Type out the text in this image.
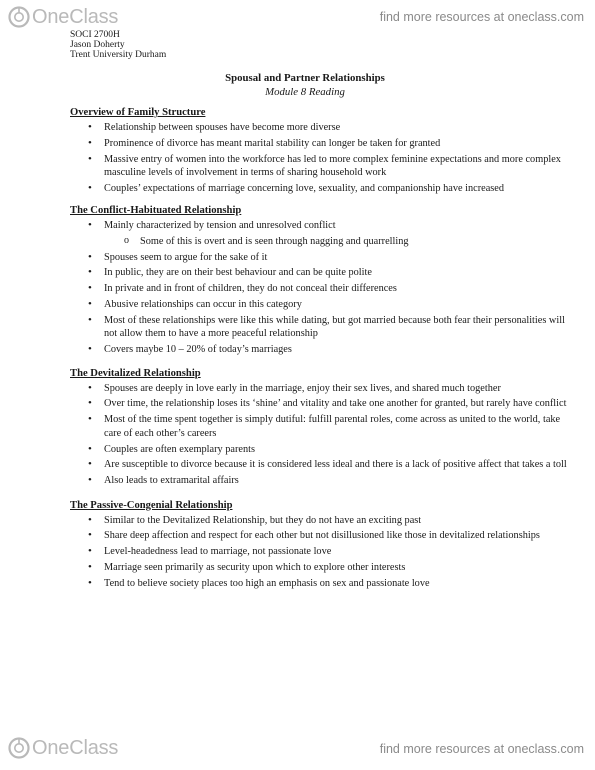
OneClass	find more resources at oneclass.com
SOCI 2700H
Jason Doherty
Trent University Durham
Spousal and Partner Relationships
Module 8 Reading
Overview of Family Structure
• Relationship between spouses have become more diverse
• Prominence of divorce has meant marital stability can longer be taken for granted
• Massive entry of women into the workforce has led to more complex feminine expectations and more complex masculine levels of involvement in terms of sharing household work
• Couples’ expectations of marriage concerning love, sexuality, and companionship have increased
The Conflict-Habituated Relationship
• Mainly characterized by tension and unresolved conflict
o Some of this is overt and is seen through nagging and quarrelling
• Spouses seem to argue for the sake of it
• In public, they are on their best behaviour and can be quite polite
• In private and in front of children, they do not conceal their differences
• Abusive relationships can occur in this category
• Most of these relationships were like this while dating, but got married because both fear their personalities will not allow them to have a more peaceful relationship
• Covers maybe 10 – 20% of today’s marriages
The Devitalized Relationship
• Spouses are deeply in love early in the marriage, enjoy their sex lives, and shared much together
• Over time, the relationship loses its ‘shine’ and vitality and take one another for granted, but rarely have conflict
• Most of the time spent together is simply dutiful: fulfill parental roles, come across as united to the world, take care of each other’s careers
• Couples are often exemplary parents
• Are susceptible to divorce because it is considered less ideal and there is a lack of positive affect that takes a toll
• Also leads to extramarital affairs
The Passive-Congenial Relationship
• Similar to the Devitalized Relationship, but they do not have an exciting past
• Share deep affection and respect for each other but not disillusioned like those in devitalized relationships
• Level-headedness lead to marriage, not passionate love
• Marriage seen primarily as security upon which to explore other interests
• Tend to believe society places too high an emphasis on sex and passionate love
OneClass	find more resources at oneclass.com
